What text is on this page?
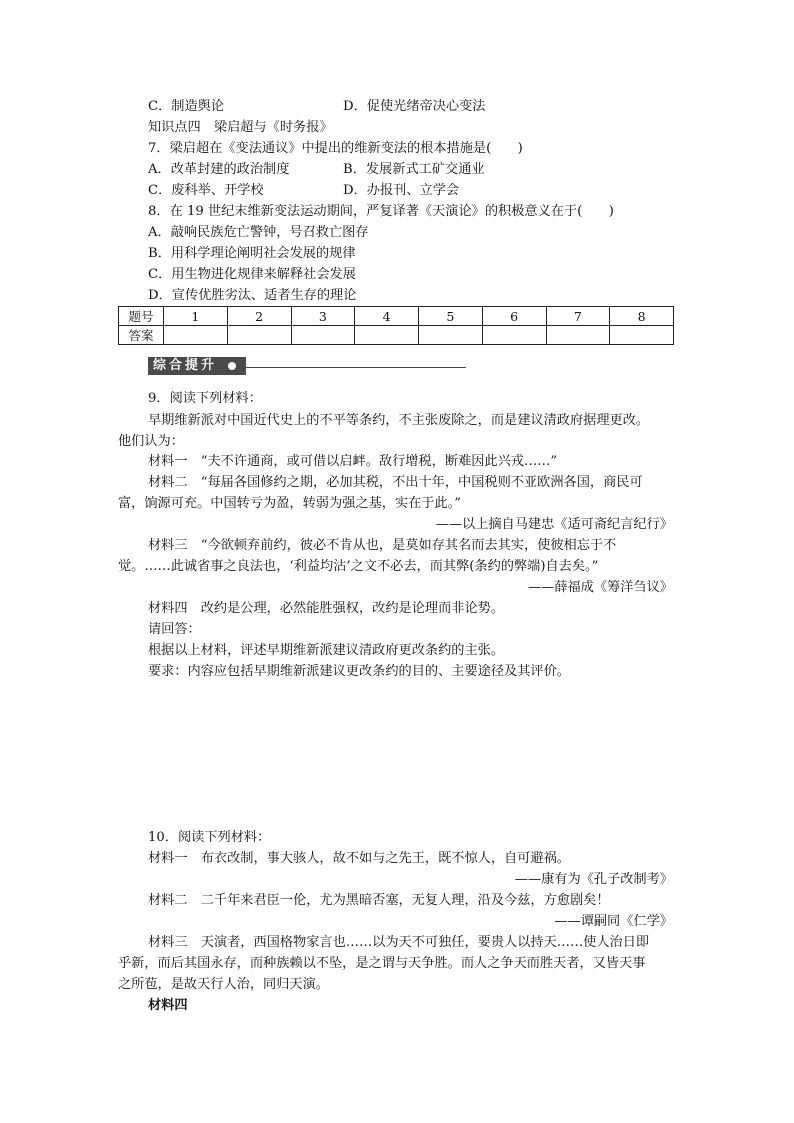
C．制造舆论	D．促使光绪帝决心变法
知识点四　梁启超与《时务报》
7．梁启超在《变法通议》中提出的维新变法的根本措施是(　　)
A．改革封建的政治制度	B．发展新式工矿交通业
C．废科举、开学校	D．办报刊、立学会
8．在 19 世纪末维新变法运动期间，严复译著《天演论》的积极意义在于(　　)
A．敲响民族危亡警钟，号召救亡图存
B．用科学理论阐明社会发展的规律
C．用生物进化规律来解释社会发展
D．宣传优胜劣汰、适者生存的理论
题号	1	2	3	4	5	6	7	8
答案								
综合提升
9．阅读下列材料：
早期维新派对中国近代史上的不平等条约，不主张废除之，而是建议清政府据理更改。
他们认为：
材料一　“夫不许通商，或可借以启衅。敌行增税，断难因此兴戎……”
材料二　“每届各国修约之期，必加其税，不出十年，中国税则不亚欧洲各国，商民可
富，饷源可充。中国转亏为盈，转弱为强之基，实在于此。”
——以上摘自马建忠《适可斋纪言纪行》
材料三　“今欲顿弃前约，彼必不肯从也，是莫如存其名而去其实，使彼相忘于不
觉。……此诚省事之良法也，‘利益均沾’之文不必去，而其弊(条约的弊端)自去矣。”
——薛福成《筹洋刍议》
材料四　改约是公理，必然能胜强权，改约是论理而非论势。
请回答：
根据以上材料，评述早期维新派建议清政府更改条约的主张。
要求：内容应包括早期维新派建议更改条约的目的、主要途径及其评价。
10．阅读下列材料：
材料一　布衣改制，事大骇人，故不如与之先王，既不惊人，自可避祸。
——康有为《孔子改制考》
材料二　二千年来君臣一伦，尤为黑暗否塞，无复人理，沿及今兹，方愈剧矣！
——谭嗣同《仁学》
材料三　天演者，西国格物家言也……以为天不可独任，要贵人以持天……使人治日即
乎新，而后其国永存，而种族赖以不坠，是之谓与天争胜。而人之争天而胜天者，又皆天事
之所苞，是故天行人治，同归天演。
材料四
